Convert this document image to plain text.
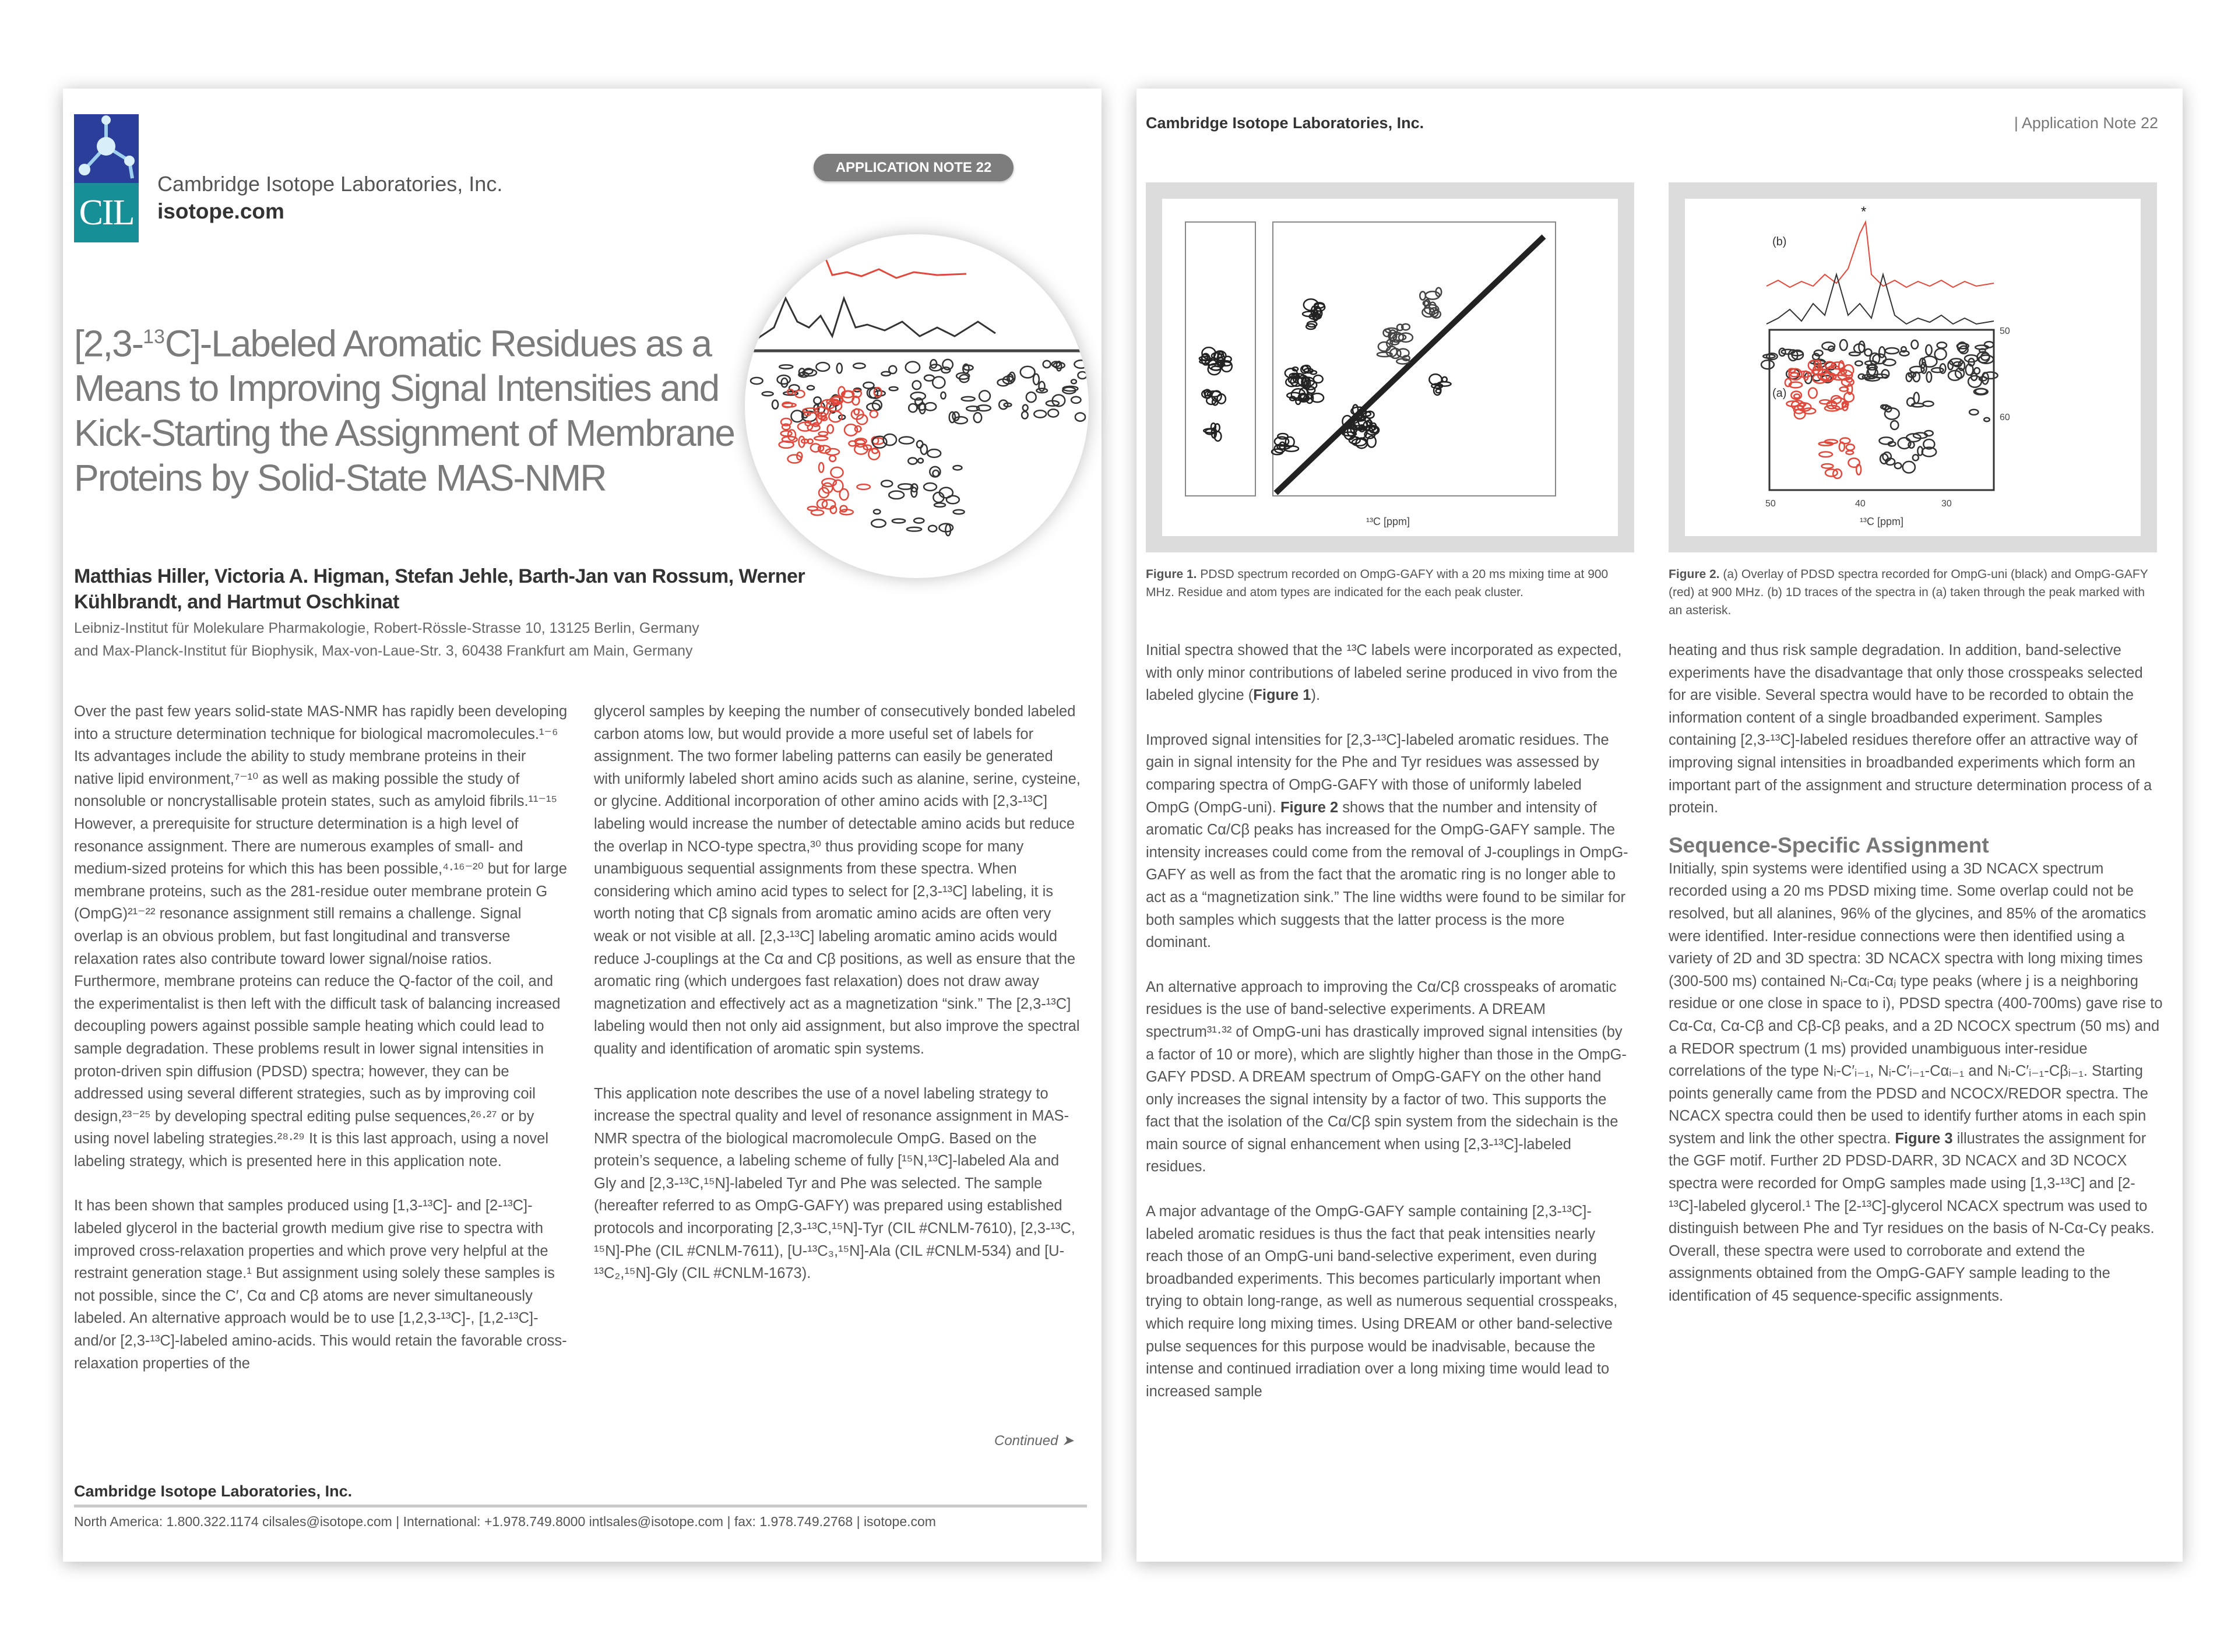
CIL
Cambridge Isotope Laboratories, Inc.
isotope.com
APPLICATION NOTE 22
[2,3-$^{13}$C]-Labeled Aromatic Residues as a Means to Improving Signal Intensities and Kick-Starting the Assignment of Membrane Proteins by Solid-State MAS-NMR
Matthias Hiller, Victoria A. Higman, Stefan Jehle, Barth-Jan van Rossum, Werner Kühlbrandt, and Hartmut Oschkinat
Leibniz-Institut für Molekulare Pharmakologie, Robert-Rössle-Strasse 10, 13125 Berlin, Germany
and Max-Planck-Institut für Biophysik, Max-von-Laue-Str. 3, 60438 Frankfurt am Main, Germany

Over the past few years solid-state MAS-NMR has rapidly been developing into a structure determination technique for biological macromolecules.¹⁻⁶ Its advantages include the ability to study membrane proteins in their native lipid environment,⁷⁻¹⁰ as well as making possible the study of nonsoluble or noncrystallisable protein states, such as amyloid fibrils.¹¹⁻¹⁵ However, a prerequisite for structure determination is a high level of resonance assignment. There are numerous examples of small- and medium-sized proteins for which this has been possible,⁴·¹⁶⁻²⁰ but for large membrane proteins, such as the 281-residue outer membrane protein G (OmpG)²¹⁻²² resonance assignment still remains a challenge. Signal overlap is an obvious problem, but fast longitudinal and transverse relaxation rates also contribute toward lower signal/noise ratios. Furthermore, membrane proteins can reduce the Q-factor of the coil, and the experimentalist is then left with the difficult task of balancing increased decoupling powers against possible sample heating which could lead to sample degradation. These problems result in lower signal intensities in proton-driven spin diffusion (PDSD) spectra; however, they can be addressed using several different strategies, such as by improving coil design,²³⁻²⁵ by developing spectral editing pulse sequences,²⁶·²⁷ or by using novel labeling strategies.²⁸·²⁹ It is this last approach, using a novel labeling strategy, which is presented here in this application note.

It has been shown that samples produced using [1,3-¹³C]- and [2-¹³C]-labeled glycerol in the bacterial growth medium give rise to spectra with improved cross-relaxation properties and which prove very helpful at the restraint generation stage.¹ But assignment using solely these samples is not possible, since the C′, Cα and Cβ atoms are never simultaneously labeled. An alternative approach would be to use [1,2,3-¹³C]-, [1,2-¹³C]- and/or [2,3-¹³C]-labeled amino-acids. This would retain the favorable cross-relaxation properties of the

glycerol samples by keeping the number of consecutively bonded labeled carbon atoms low, but would provide a more useful set of labels for assignment. The two former labeling patterns can easily be generated with uniformly labeled short amino acids such as alanine, serine, cysteine, or glycine. Additional incorporation of other amino acids with [2,3-¹³C] labeling would increase the number of detectable amino acids but reduce the overlap in NCO-type spectra,³⁰ thus providing scope for many unambiguous sequential assignments from these spectra. When considering which amino acid types to select for [2,3-¹³C] labeling, it is worth noting that Cβ signals from aromatic amino acids are often very weak or not visible at all. [2,3-¹³C] labeling aromatic amino acids would reduce J-couplings at the Cα and Cβ positions, as well as ensure that the aromatic ring (which undergoes fast relaxation) does not draw away magnetization and effectively act as a magnetization “sink.” The [2,3-¹³C] labeling would then not only aid assignment, but also improve the spectral quality and identification of aromatic spin systems.

This application note describes the use of a novel labeling strategy to increase the spectral quality and level of resonance assignment in MAS-NMR spectra of the biological macromolecule OmpG. Based on the protein’s sequence, a labeling scheme of fully [¹⁵N,¹³C]-labeled Ala and Gly and [2,3-¹³C,¹⁵N]-labeled Tyr and Phe was selected. The sample (hereafter referred to as OmpG-GAFY) was prepared using established protocols and incorporating [2,3-¹³C,¹⁵N]-Tyr (CIL #CNLM-7610), [2,3-¹³C, ¹⁵N]-Phe (CIL #CNLM-7611), [U-¹³C₃,¹⁵N]-Ala (CIL #CNLM-534) and [U-¹³C₂,¹⁵N]-Gly (CIL #CNLM-1673).

Continued ➤
Cambridge Isotope Laboratories, Inc.
North America: 1.800.322.1174 cilsales@isotope.com | International: +1.978.749.8000 intlsales@isotope.com | fax: 1.978.749.2768 | isotope.com
Cambridge Isotope Laboratories, Inc.	| Application Note 22
¹³C [ppm]
(b)
*
(a)
50	40	30
50
60
¹³C [ppm]
Figure 1. PDSD spectrum recorded on OmpG-GAFY with a 20 ms mixing time at 900 MHz. Residue and atom types are indicated for the each peak cluster.
Figure 2. (a) Overlay of PDSD spectra recorded for OmpG-uni (black) and OmpG-GAFY (red) at 900 MHz. (b) 1D traces of the spectra in (a) taken through the peak marked with an asterisk.

Initial spectra showed that the ¹³C labels were incorporated as expected, with only minor contributions of labeled serine produced in vivo from the labeled glycine (Figure 1).

Improved signal intensities for [2,3-¹³C]-labeled aromatic residues. The gain in signal intensity for the Phe and Tyr residues was assessed by comparing spectra of OmpG-GAFY with those of uniformly labeled OmpG (OmpG-uni). Figure 2 shows that the number and intensity of aromatic Cα/Cβ peaks has increased for the OmpG-GAFY sample. The intensity increases could come from the removal of J-couplings in OmpG-GAFY as well as from the fact that the aromatic ring is no longer able to act as a “magnetization sink.” The line widths were found to be similar for both samples which suggests that the latter process is the more dominant.

An alternative approach to improving the Cα/Cβ crosspeaks of aromatic residues is the use of band-selective experiments. A DREAM spectrum³¹·³² of OmpG-uni has drastically improved signal intensities (by a factor of 10 or more), which are slightly higher than those in the OmpG-GAFY PDSD. A DREAM spectrum of OmpG-GAFY on the other hand only increases the signal intensity by a factor of two. This supports the fact that the isolation of the Cα/Cβ spin system from the sidechain is the main source of signal enhancement when using [2,3-¹³C]-labeled residues.

A major advantage of the OmpG-GAFY sample containing [2,3-¹³C]-labeled aromatic residues is thus the fact that peak intensities nearly reach those of an OmpG-uni band-selective experiment, even during broadbanded experiments. This becomes particularly important when trying to obtain long-range, as well as numerous sequential crosspeaks, which require long mixing times. Using DREAM or other band-selective pulse sequences for this purpose would be inadvisable, because the intense and continued irradiation over a long mixing time would lead to increased sample

heating and thus risk sample degradation. In addition, band-selective experiments have the disadvantage that only those crosspeaks selected for are visible. Several spectra would have to be recorded to obtain the information content of a single broadbanded experiment. Samples containing [2,3-¹³C]-labeled residues therefore offer an attractive way of improving signal intensities in broadbanded experiments which form an important part of the assignment and structure determination process of a protein.

Sequence-Specific Assignment

Initially, spin systems were identified using a 3D NCACX spectrum recorded using a 20 ms PDSD mixing time. Some overlap could not be resolved, but all alanines, 96% of the glycines, and 85% of the aromatics were identified. Inter-residue connections were then identified using a variety of 2D and 3D spectra: 3D NCACX spectra with long mixing times (300-500 ms) contained Nᵢ-Cαᵢ-Cαⱼ type peaks (where j is a neighboring residue or one close in space to i), PDSD spectra (400-700ms) gave rise to Cα-Cα, Cα-Cβ and Cβ-Cβ peaks, and a 2D NCOCX spectrum (50 ms) and a REDOR spectrum (1 ms) provided unambiguous inter-residue correlations of the type Nᵢ-C′ᵢ₋₁, Nᵢ-C′ᵢ₋₁-Cαᵢ₋₁ and Nᵢ-C′ᵢ₋₁-Cβᵢ₋₁. Starting points generally came from the PDSD and NCOCX/REDOR spectra. The NCACX spectra could then be used to identify further atoms in each spin system and link the other spectra. Figure 3 illustrates the assignment for the GGF motif. Further 2D PDSD-DARR, 3D NCACX and 3D NCOCX spectra were recorded for OmpG samples made using [1,3-¹³C] and [2-¹³C]-labeled glycerol.¹ The [2-¹³C]-glycerol NCACX spectrum was used to distinguish between Phe and Tyr residues on the basis of N-Cα-Cγ peaks. Overall, these spectra were used to corroborate and extend the assignments obtained from the OmpG-GAFY sample leading to the identification of 45 sequence-specific assignments.
